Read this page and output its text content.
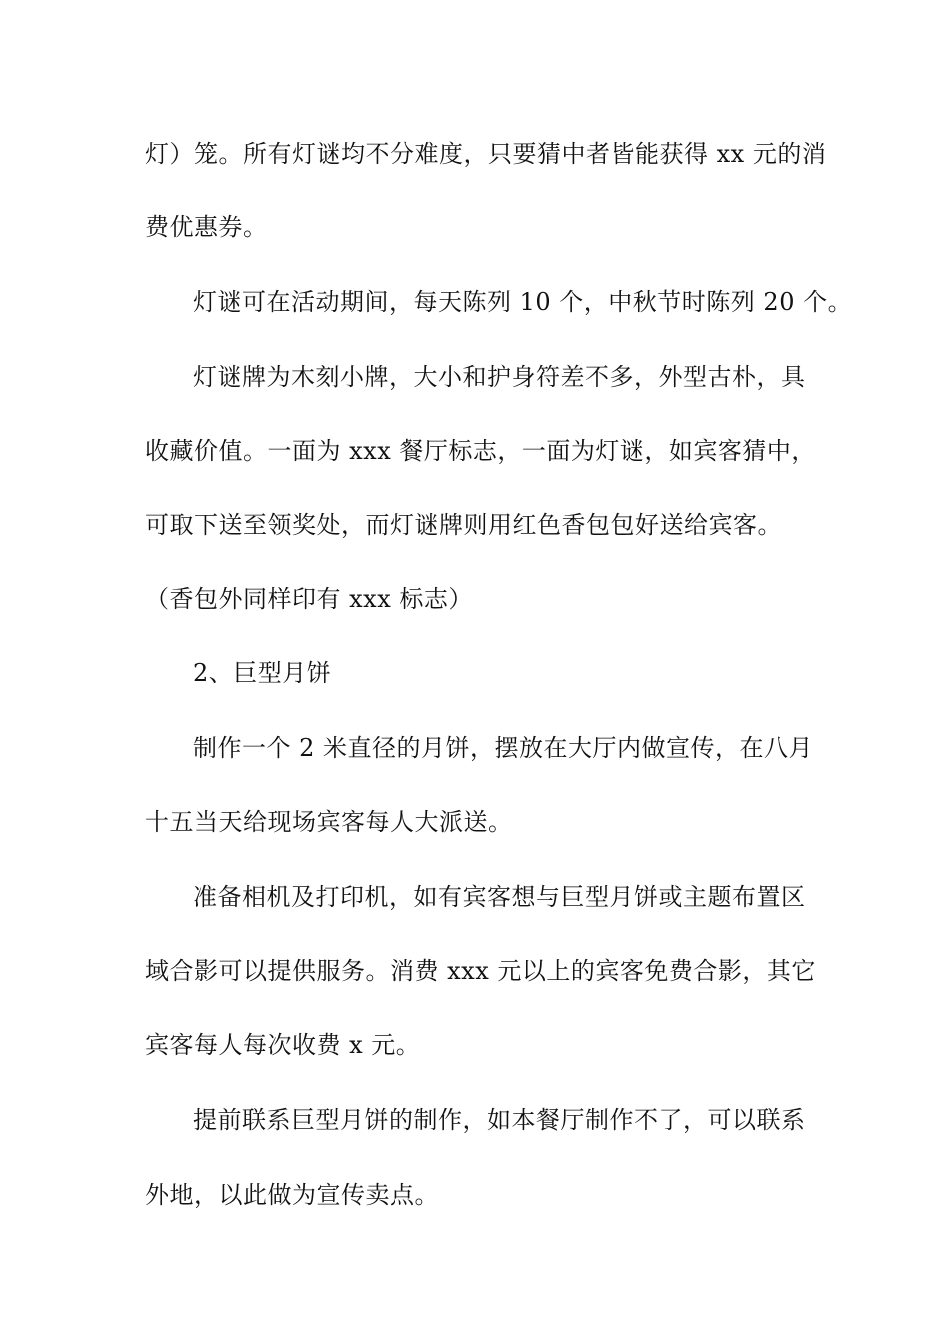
灯）笼。所有灯谜均不分难度，只要猜中者皆能获得 xx 元的消
费优惠券。
灯谜可在活动期间，每天陈列 10 个，中秋节时陈列 20 个。
灯谜牌为木刻小牌，大小和护身符差不多，外型古朴，具
收藏价值。一面为 xxx 餐厅标志，一面为灯谜，如宾客猜中，
可取下送至领奖处，而灯谜牌则用红色香包包好送给宾客。
（香包外同样印有 xxx 标志）
2、巨型月饼
制作一个 2 米直径的月饼，摆放在大厅内做宣传，在八月
十五当天给现场宾客每人大派送。
准备相机及打印机，如有宾客想与巨型月饼或主题布置区
域合影可以提供服务。消费 xxx 元以上的宾客免费合影，其它
宾客每人每次收费 x 元。
提前联系巨型月饼的制作，如本餐厅制作不了，可以联系
外地，以此做为宣传卖点。
